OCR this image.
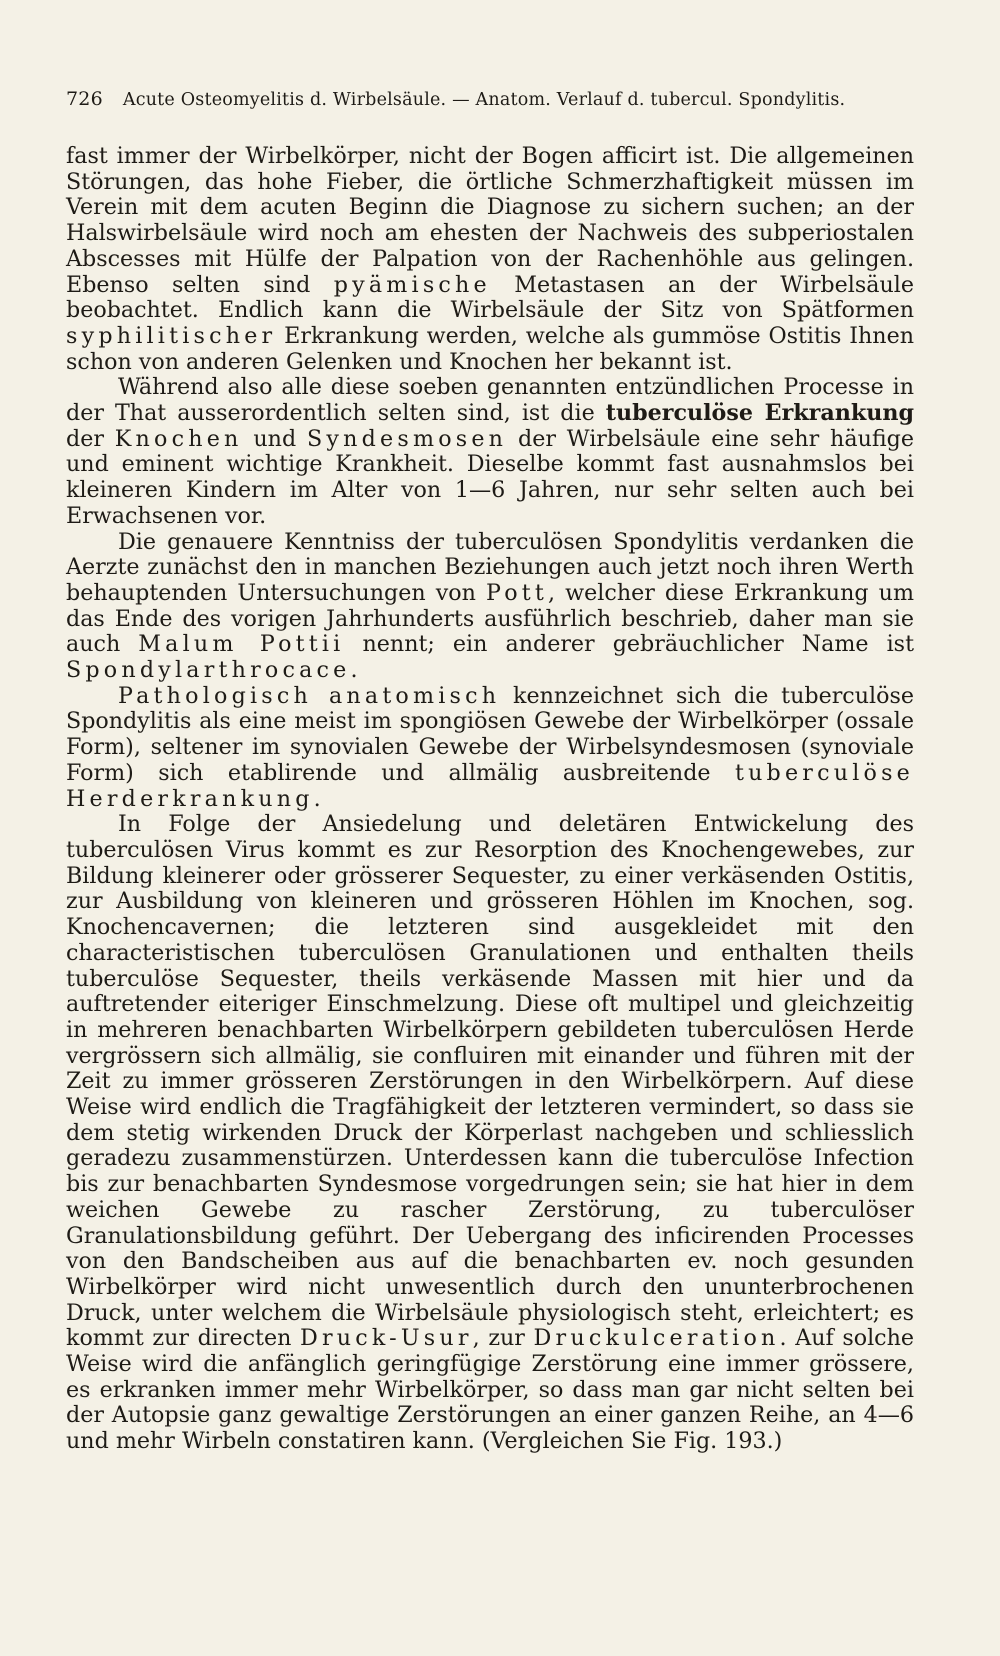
726 Acute Osteomyelitis d. Wirbelsäule. — Anatom. Verlauf d. tubercul. Spondylitis.

fast immer der Wirbelkörper, nicht der Bogen afficirt ist. Die allgemeinen Störungen, das hohe Fieber, die örtliche Schmerzhaftigkeit müssen im Verein mit dem acuten Beginn die Diagnose zu sichern suchen; an der Halswirbelsäule wird noch am ehesten der Nachweis des subperiostalen Abscesses mit Hülfe der Palpation von der Rachenhöhle aus gelingen. Ebenso selten sind pyämische Metastasen an der Wirbelsäule beobachtet. Endlich kann die Wirbelsäule der Sitz von Spätformen syphilitischer Erkrankung werden, welche als gummöse Ostitis Ihnen schon von anderen Gelenken und Knochen her bekannt ist.

Während also alle diese soeben genannten entzündlichen Processe in der That ausserordentlich selten sind, ist die tuberculöse Erkrankung der Knochen und Syndesmosen der Wirbelsäule eine sehr häufige und eminent wichtige Krankheit. Dieselbe kommt fast ausnahmslos bei kleineren Kindern im Alter von 1—6 Jahren, nur sehr selten auch bei Erwachsenen vor.

Die genauere Kenntniss der tuberculösen Spondylitis verdanken die Aerzte zunächst den in manchen Beziehungen auch jetzt noch ihren Werth behauptenden Untersuchungen von Pott, welcher diese Erkrankung um das Ende des vorigen Jahrhunderts ausführlich beschrieb, daher man sie auch Malum Pottii nennt; ein anderer gebräuchlicher Name ist Spondylarthrocace.

Pathologisch anatomisch kennzeichnet sich die tuberculöse Spondylitis als eine meist im spongiösen Gewebe der Wirbelkörper (ossale Form), seltener im synovialen Gewebe der Wirbelsyndesmosen (synoviale Form) sich etablirende und allmälig ausbreitende tuberculöse Herderkrankung.

In Folge der Ansiedelung und deletären Entwickelung des tuberculösen Virus kommt es zur Resorption des Knochengewebes, zur Bildung kleinerer oder grösserer Sequester, zu einer verkäsenden Ostitis, zur Ausbildung von kleineren und grösseren Höhlen im Knochen, sog. Knochencavernen; die letzteren sind ausgekleidet mit den characteristischen tuberculösen Granulationen und enthalten theils tuberculöse Sequester, theils verkäsende Massen mit hier und da auftretender eiteriger Einschmelzung. Diese oft multipel und gleichzeitig in mehreren benachbarten Wirbelkörpern gebildeten tuberculösen Herde vergrössern sich allmälig, sie confluiren mit einander und führen mit der Zeit zu immer grösseren Zerstörungen in den Wirbelkörpern. Auf diese Weise wird endlich die Tragfähigkeit der letzteren vermindert, so dass sie dem stetig wirkenden Druck der Körperlast nachgeben und schliesslich geradezu zusammenstürzen. Unterdessen kann die tuberculöse Infection bis zur benachbarten Syndesmose vorgedrungen sein; sie hat hier in dem weichen Gewebe zu rascher Zerstörung, zu tuberculöser Granulationsbildung geführt. Der Uebergang des inficirenden Processes von den Bandscheiben aus auf die benachbarten ev. noch gesunden Wirbelkörper wird nicht unwesentlich durch den ununterbrochenen Druck, unter welchem die Wirbelsäule physiologisch steht, erleichtert; es kommt zur directen Druck-Usur, zur Druckulceration. Auf solche Weise wird die anfänglich geringfügige Zerstörung eine immer grössere, es erkranken immer mehr Wirbelkörper, so dass man gar nicht selten bei der Autopsie ganz gewaltige Zerstörungen an einer ganzen Reihe, an 4—6 und mehr Wirbeln constatiren kann. (Vergleichen Sie Fig. 193.)
